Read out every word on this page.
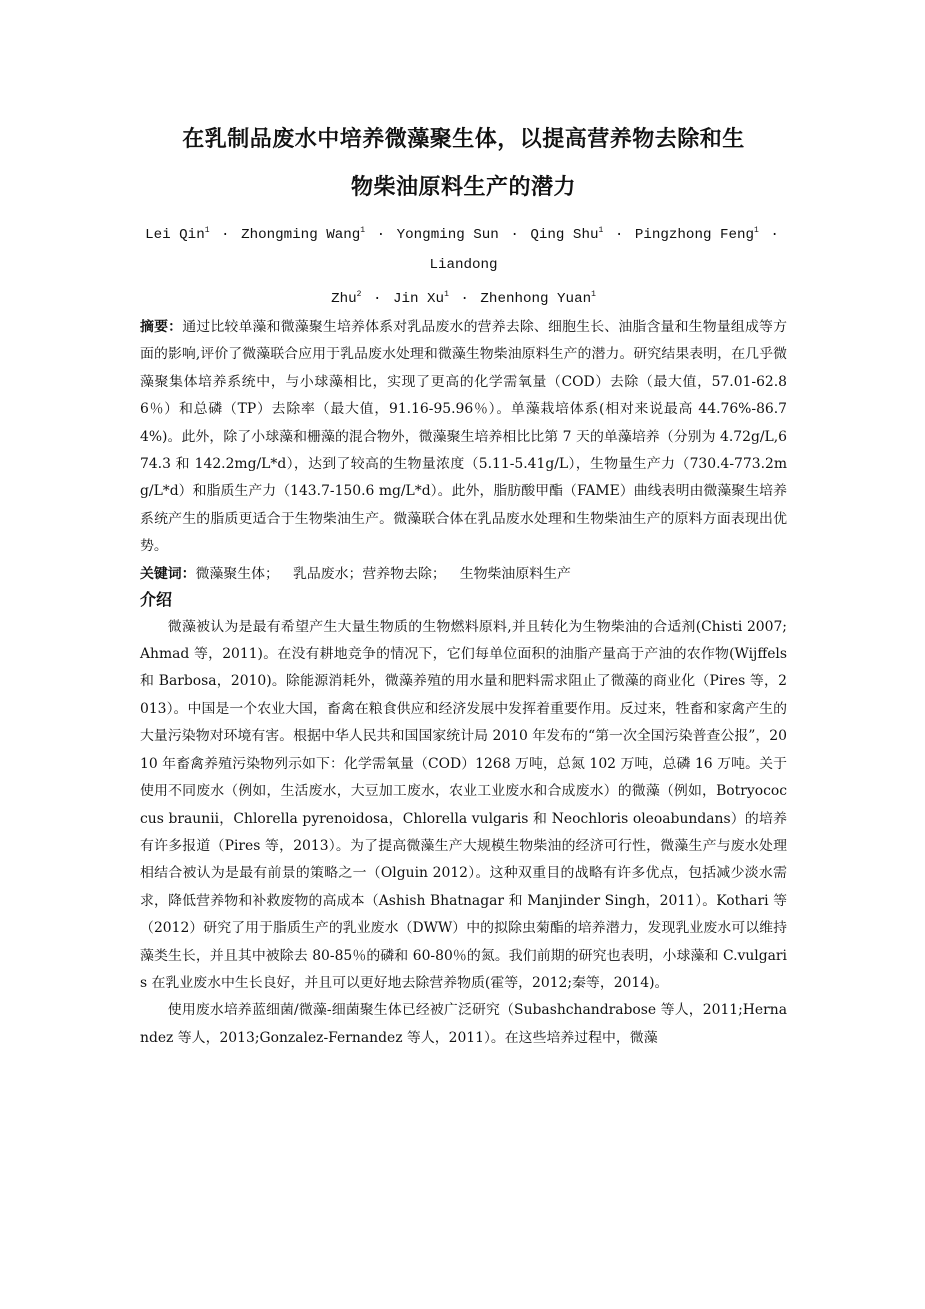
在乳制品废水中培养微藻聚生体，以提高营养物去除和生
物柴油原料生产的潜力
Lei Qin$^1$ · Zhongming Wang$^1$ · Yongming Sun · Qing Shu$^1$ · Pingzhong Feng$^1$ · Liandong
Zhu$^2$ · Jin $Xu^1$ · Zhenhong Yuan$^1$

摘要：通过比较单藻和微藻聚生培养体系对乳品废水的营养去除、细胞生长、油脂含量和生物量组成等方面的影响,评价了微藻联合应用于乳品废水处理和微藻生物柴油原料生产的潜力。研究结果表明，在几乎微藻聚集体培养系统中，与小球藻相比，实现了更高的化学需氧量（COD）去除（最大值，57.01-62.86％）和总磷（TP）去除率（最大值，91.16-95.96％）。单藻栽培体系(相对来说最高 44.76%-86.74%)。此外，除了小球藻和栅藻的混合物外，微藻聚生培养相比比第 7 天的单藻培养（分别为 4.72g/L,674.3 和 142.2mg/L*d），达到了较高的生物量浓度（5.11-5.41g/L），生物量生产力（730.4-773.2mg/L*d）和脂质生产力（143.7-150.6 mg/L*d）。此外，脂肪酸甲酯（FAME）曲线表明由微藻聚生培养系统产生的脂质更适合于生物柴油生产。微藻联合体在乳品废水处理和生物柴油生产的原料方面表现出优势。

关键词：微藻聚生体； 乳品废水；营养物去除； 生物柴油原料生产

介绍

微藻被认为是最有希望产生大量生物质的生物燃料原料,并且转化为生物柴油的合适剂(Chisti 2007;Ahmad 等，2011)。在没有耕地竞争的情况下，它们每单位面积的油脂产量高于产油的农作物(Wijffels 和 Barbosa，2010)。除能源消耗外，微藻养殖的用水量和肥料需求阻止了微藻的商业化（Pires 等，2013）。中国是一个农业大国，畜禽在粮食供应和经济发展中发挥着重要作用。反过来，牲畜和家禽产生的大量污染物对环境有害。根据中华人民共和国国家统计局 2010 年发布的“第一次全国污染普查公报”，2010 年畜禽养殖污染物列示如下：化学需氧量（COD）1268 万吨，总氮 102 万吨，总磷 16 万吨。关于使用不同废水（例如，生活废水，大豆加工废水，农业工业废水和合成废水）的微藻（例如，Botryococcus braunii，Chlorella pyrenoidosa，Chlorella vulgaris 和 Neochloris oleoabundans）的培养有许多报道（Pires 等，2013）。为了提高微藻生产大规模生物柴油的经济可行性，微藻生产与废水处理相结合被认为是最有前景的策略之一（Olguin 2012）。这种双重目的战略有许多优点，包括减少淡水需求，降低营养物和补救废物的高成本（Ashish Bhatnagar 和 Manjinder Singh，2011）。Kothari 等（2012）研究了用于脂质生产的乳业废水（DWW）中的拟除虫菊酯的培养潜力，发现乳业废水可以维持藻类生长，并且其中被除去 80-85％的磷和 60-80％的氮。我们前期的研究也表明，小球藻和 C.vulgaris 在乳业废水中生长良好，并且可以更好地去除营养物质(霍等，2012;秦等，2014)。

使用废水培养蓝细菌/微藻-细菌聚生体已经被广泛研究（Subashchandrabose 等人，2011;Hernandez 等人，2013;Gonzalez-Fernandez 等人，2011）。在这些培养过程中，微藻
